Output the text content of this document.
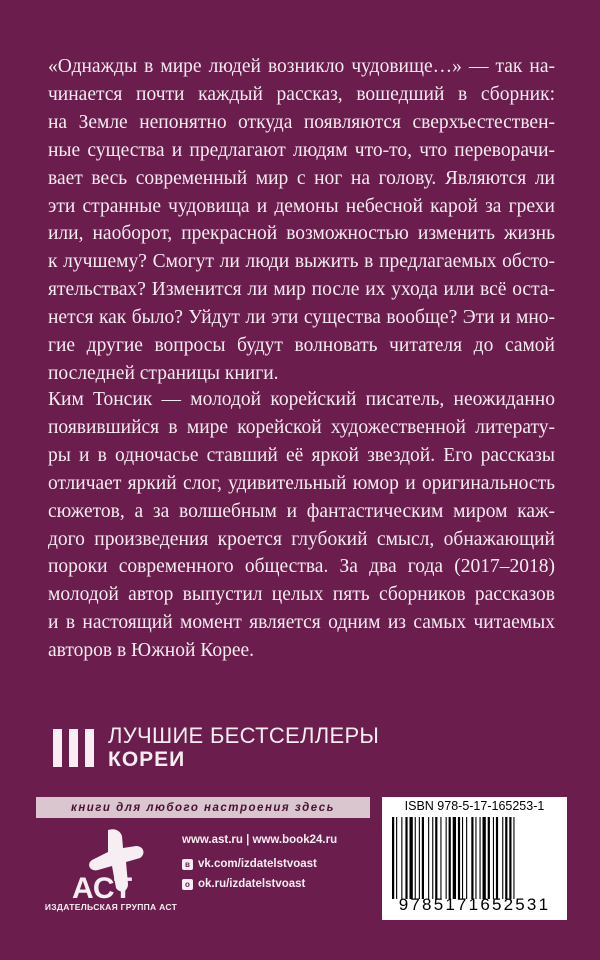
«Однажды в мире людей возникло чудовище…» — так на-
чинается почти каждый рассказ, вошедший в сборник:
на Земле непонятно откуда появляются сверхъестествен-
ные существа и предлагают людям что-то, что переворачи-
вает весь современный мир с ног на голову. Являются ли
эти странные чудовища и демоны небесной карой за грехи
или, наоборот, прекрасной возможностью изменить жизнь
к лучшему? Смогут ли люди выжить в предлагаемых обсто-
ятельствах? Изменится ли мир после их ухода или всё оста-
нется как было? Уйдут ли эти существа вообще? Эти и мно-
гие другие вопросы будут волновать читателя до самой
последней страницы книги.

Ким Тонсик — молодой корейский писатель, неожиданно
появившийся в мире корейской художественной литерату-
ры и в одночасье ставший её яркой звездой. Его рассказы
отличает яркий слог, удивительный юмор и оригинальность
сюжетов, а за волшебным и фантастическим миром каж-
дого произведения кроется глубокий смысл, обнажающий
пороки современного общества. За два года (2017–2018)
молодой автор выпустил целых пять сборников рассказов
и в настоящий момент является одним из самых читаемых
авторов в Южной Корее.

ЛУЧШИЕ БЕСТСЕЛЛЕРЫ
КОРЕИ
книги для любого настроения здесь
АСТ
ИЗДАТЕЛЬСКАЯ ГРУППА АСТ
www.ast.ru | www.book24.ru
в vk.com/izdatelstvoast
о ok.ru/izdatelstvoast
ISBN 978-5-17-165253-1
9785171652531
